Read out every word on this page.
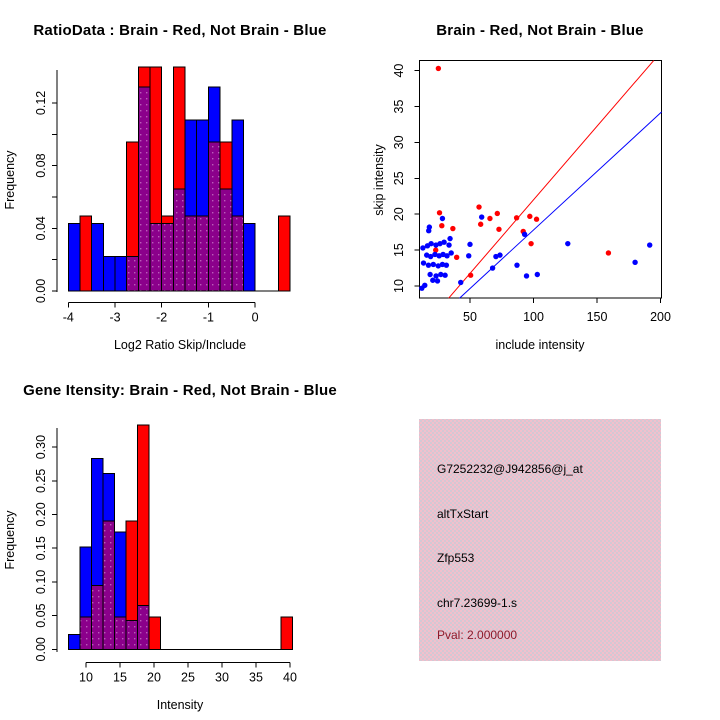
0.00
0.04
0.08
0.12
-4	-3	-2	-1	0
RatioData : Brain - Red, Not Brain - Blue
Log2 Ratio Skip/Include
Frequency
50	100	150	200
10
15
20
25
30
35
40
Brain - Red, Not Brain - Blue
include intensity
skip intensity
0.00
0.05
0.10
0.15
0.20
0.25
0.30
10 15 20 25 30 35 40
Gene Itensity: Brain - Red, Not Brain - Blue
Intensity
Frequency
G7252232@J942856@j_at
altTxStart
Zfp553
chr7.23699-1.s
Pval: 2.000000
